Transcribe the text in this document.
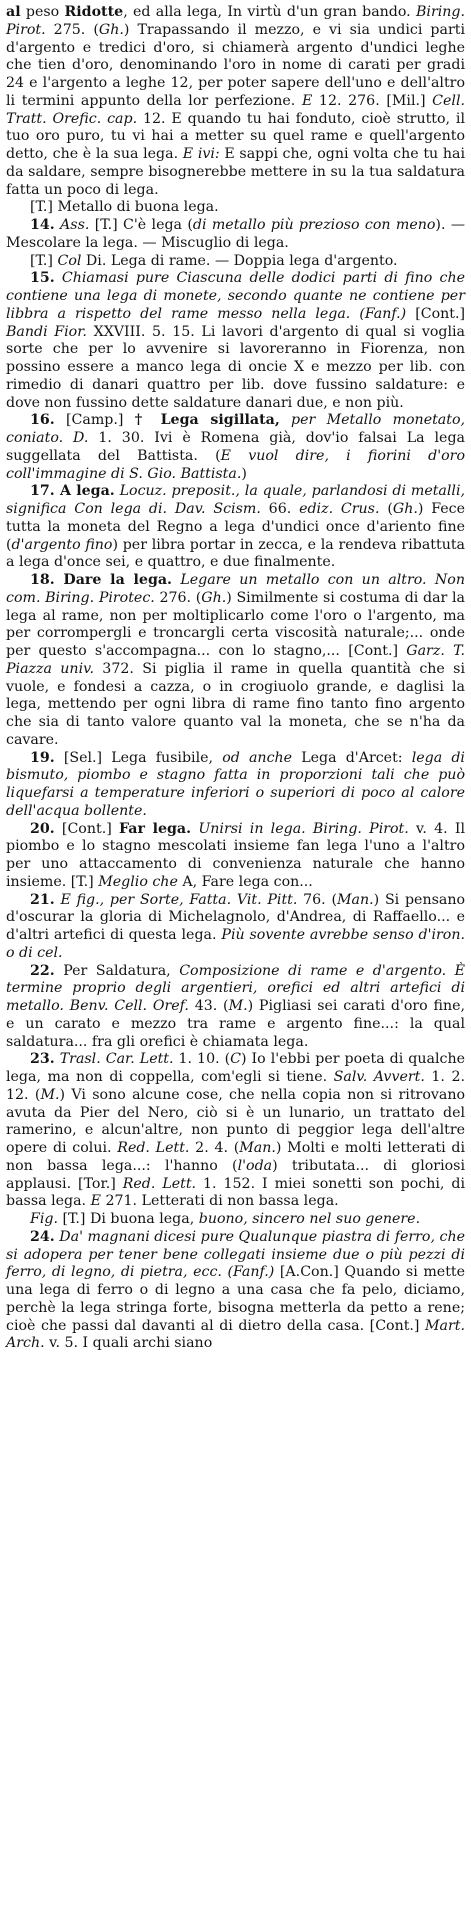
al peso Ridotte, ed alla lega, In virtù d'un gran bando. Biring. Pirot. 275. (Gh.) Trapassando il mezzo, e vi sia undici parti d'argento e tredici d'oro, si chiamerà argento d'undici leghe che tien d'oro, denominando l'oro in nome di carati per gradi 24 e l'argento a leghe 12, per poter sapere dell'uno e dell'altro li termini appunto della lor perfezione. E 12. 276. [Mil.] Cell. Tratt. Orefic. cap. 12. E quando tu hai fonduto, cioè strutto, il tuo oro puro, tu vi hai a metter su quel rame e quell'argento detto, che è la sua lega. E ivi: E sappi che, ogni volta che tu hai da saldare, sempre bisognerebbe mettere in su la tua saldatura fatta un poco di lega.

[T.] Metallo di buona lega.

14. Ass. [T.] C'è lega (di metallo più prezioso con meno). — Mescolare la lega. — Miscuglio di lega.

[T.] Col Di. Lega di rame. — Doppia lega d'argento.

15. Chiamasi pure Ciascuna delle dodici parti di fino che contiene una lega di monete, secondo quante ne contiene per libbra a rispetto del rame messo nella lega. (Fanf.) [Cont.] Bandi Fior. XXVIII. 5. 15. Li lavori d'argento di qual si voglia sorte che per lo avvenire si lavoreranno in Fiorenza, non possino essere a manco lega di oncie X e mezzo per lib. con rimedio di danari quattro per lib. dove fussino saldature: e dove non fussino dette saldature danari due, e non più.

16. [Camp.] † Lega sigillata, per Metallo monetato, coniato. D. 1. 30. Ivi è Romena già, dov'io falsai La lega suggellata del Battista. (E vuol dire, i fiorini d'oro coll'immagine di S. Gio. Battista.)

17. A lega. Locuz. preposit., la quale, parlandosi di metalli, significa Con lega di. Dav. Scism. 66. ediz. Crus. (Gh.) Fece tutta la moneta del Regno a lega d'undici once d'ariento fine (d'argento fino) per libra portar in zecca, e la rendeva ribattuta a lega d'once sei, e quattro, e due finalmente.

18. Dare la lega. Legare un metallo con un altro. Non com. Biring. Pirotec. 276. (Gh.) Similmente si costuma di dar la lega al rame, non per moltiplicarlo come l'oro o l'argento, ma per corrompergli e troncargli certa viscosità naturale;... onde per questo s'accompagna... con lo stagno,... [Cont.] Garz. T. Piazza univ. 372. Si piglia il rame in quella quantità che si vuole, e fondesi a cazza, o in crogiuolo grande, e daglisi la lega, mettendo per ogni libra di rame fino tanto fino argento che sia di tanto valore quanto val la moneta, che se n'ha da cavare.

19. [Sel.] Lega fusibile, od anche Lega d'Arcet: lega di bismuto, piombo e stagno fatta in proporzioni tali che può liquefarsi a temperature inferiori o superiori di poco al calore dell'acqua bollente.

20. [Cont.] Far lega. Unirsi in lega. Biring. Pirot. v. 4. Il piombo e lo stagno mescolati insieme fan lega l'uno a l'altro per uno attaccamento di convenienza naturale che hanno insieme. [T.] Meglio che A, Fare lega con...

21. E fig., per Sorte, Fatta. Vit. Pitt. 76. (Man.) Si pensano d'oscurar la gloria di Michelagnolo, d'Andrea, di Raffaello... e d'altri artefici di questa lega. Più sovente avrebbe senso d'iron. o di cel.

22. Per Saldatura, Composizione di rame e d'argento. È termine proprio degli argentieri, orefici ed altri artefici di metallo. Benv. Cell. Oref. 43. (M.) Pigliasi sei carati d'oro fine, e un carato e mezzo tra rame e argento fine...: la qual saldatura... fra gli orefici è chiamata lega.

23. Trasl. Car. Lett. 1. 10. (C) Io l'ebbi per poeta di qualche lega, ma non di coppella, com'egli si tiene. Salv. Avvert. 1. 2. 12. (M.) Vi sono alcune cose, che nella copia non si ritrovano avuta da Pier del Nero, ciò si è un lunario, un trattato del ramerino, e alcun'altre, non punto di peggior lega dell'altre opere di colui. Red. Lett. 2. 4. (Man.) Molti e molti letterati di non bassa lega...: l'hanno (l'oda) tributata... di gloriosi applausi. [Tor.] Red. Lett. 1. 152. I miei sonetti son pochi, di bassa lega. E 271. Letterati di non bassa lega.

Fig. [T.] Di buona lega, buono, sincero nel suo genere.

24. Da' magnani dicesi pure Qualunque piastra di ferro, che si adopera per tener bene collegati insieme due o più pezzi di ferro, di legno, di pietra, ecc. (Fanf.) [A.Con.] Quando si mette una lega di ferro o di legno a una casa che fa pelo, diciamo, perchè la lega stringa forte, bisogna metterla da petto a rene; cioè che passi dal davanti al di dietro della casa. [Cont.] Mart. Arch. v. 5. I quali archi siano
